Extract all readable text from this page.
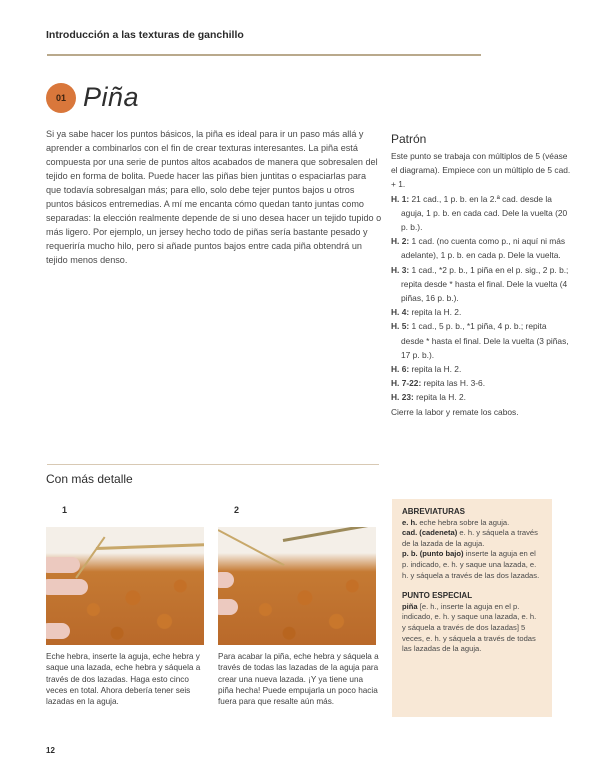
Introducción a las texturas de ganchillo
01 Piña

Si ya sabe hacer los puntos básicos, la piña es ideal para ir un paso más allá y aprender a combinarlos con el fin de crear texturas interesantes. La piña está compuesta por una serie de puntos altos acabados de manera que sobresalen del tejido en forma de bolita. Puede hacer las piñas bien juntitas o espaciarlas para que todavía sobresalgan más; para ello, solo debe tejer puntos bajos u otros puntos básicos entremedias. A mí me encanta cómo quedan tanto juntas como separadas: la elección realmente depende de si uno desea hacer un tejido tupido o más ligero. Por ejemplo, un jersey hecho todo de piñas sería bastante pesado y requeriría mucho hilo, pero si añade puntos bajos entre cada piña obtendrá un tejido menos denso.

Patrón
Este punto se trabaja con múltiplos de 5 (véase el diagrama). Empiece con un múltiplo de 5 cad. + 1.
H. 1: 21 cad., 1 p. b. en la 2.ª cad. desde la aguja, 1 p. b. en cada cad. Dele la vuelta (20 p. b.).
H. 2: 1 cad. (no cuenta como p., ni aquí ni más adelante), 1 p. b. en cada p. Dele la vuelta.
H. 3: 1 cad., *2 p. b., 1 piña en el p. sig., 2 p. b.; repita desde * hasta el final. Dele la vuelta (4 piñas, 16 p. b.).
H. 4: repita la H. 2.
H. 5: 1 cad., 5 p. b., *1 piña, 4 p. b.; repita desde * hasta el final. Dele la vuelta (3 piñas, 17 p. b.).
H. 6: repita la H. 2.
H. 7-22: repita las H. 3-6.
H. 23: repita la H. 2.
Cierre la labor y remate los cabos.
Con más detalle
1
Eche hebra, inserte la aguja, eche hebra y saque una lazada, eche hebra y sáquela a través de dos lazadas. Haga esto cinco veces en total. Ahora debería tener seis lazadas en la aguja.
2
Para acabar la piña, eche hebra y sáquela a través de todas las lazadas de la aguja para crear una nueva lazada. ¡Y ya tiene una piña hecha! Puede empujarla un poco hacia fuera para que resalte aún más.
ABREVIATURAS
e. h. eche hebra sobre la aguja.
cad. (cadeneta) e. h. y sáquela a través de la lazada de la aguja.
p. b. (punto bajo) inserte la aguja en el p. indicado, e. h. y saque una lazada, e. h. y sáquela a través de las dos lazadas.
PUNTO ESPECIAL
piña [e. h., inserte la aguja en el p. indicado, e. h. y saque una lazada, e. h. y sáquela a través de dos lazadas] 5 veces, e. h. y sáquela a través de todas las lazadas de la aguja.
12
